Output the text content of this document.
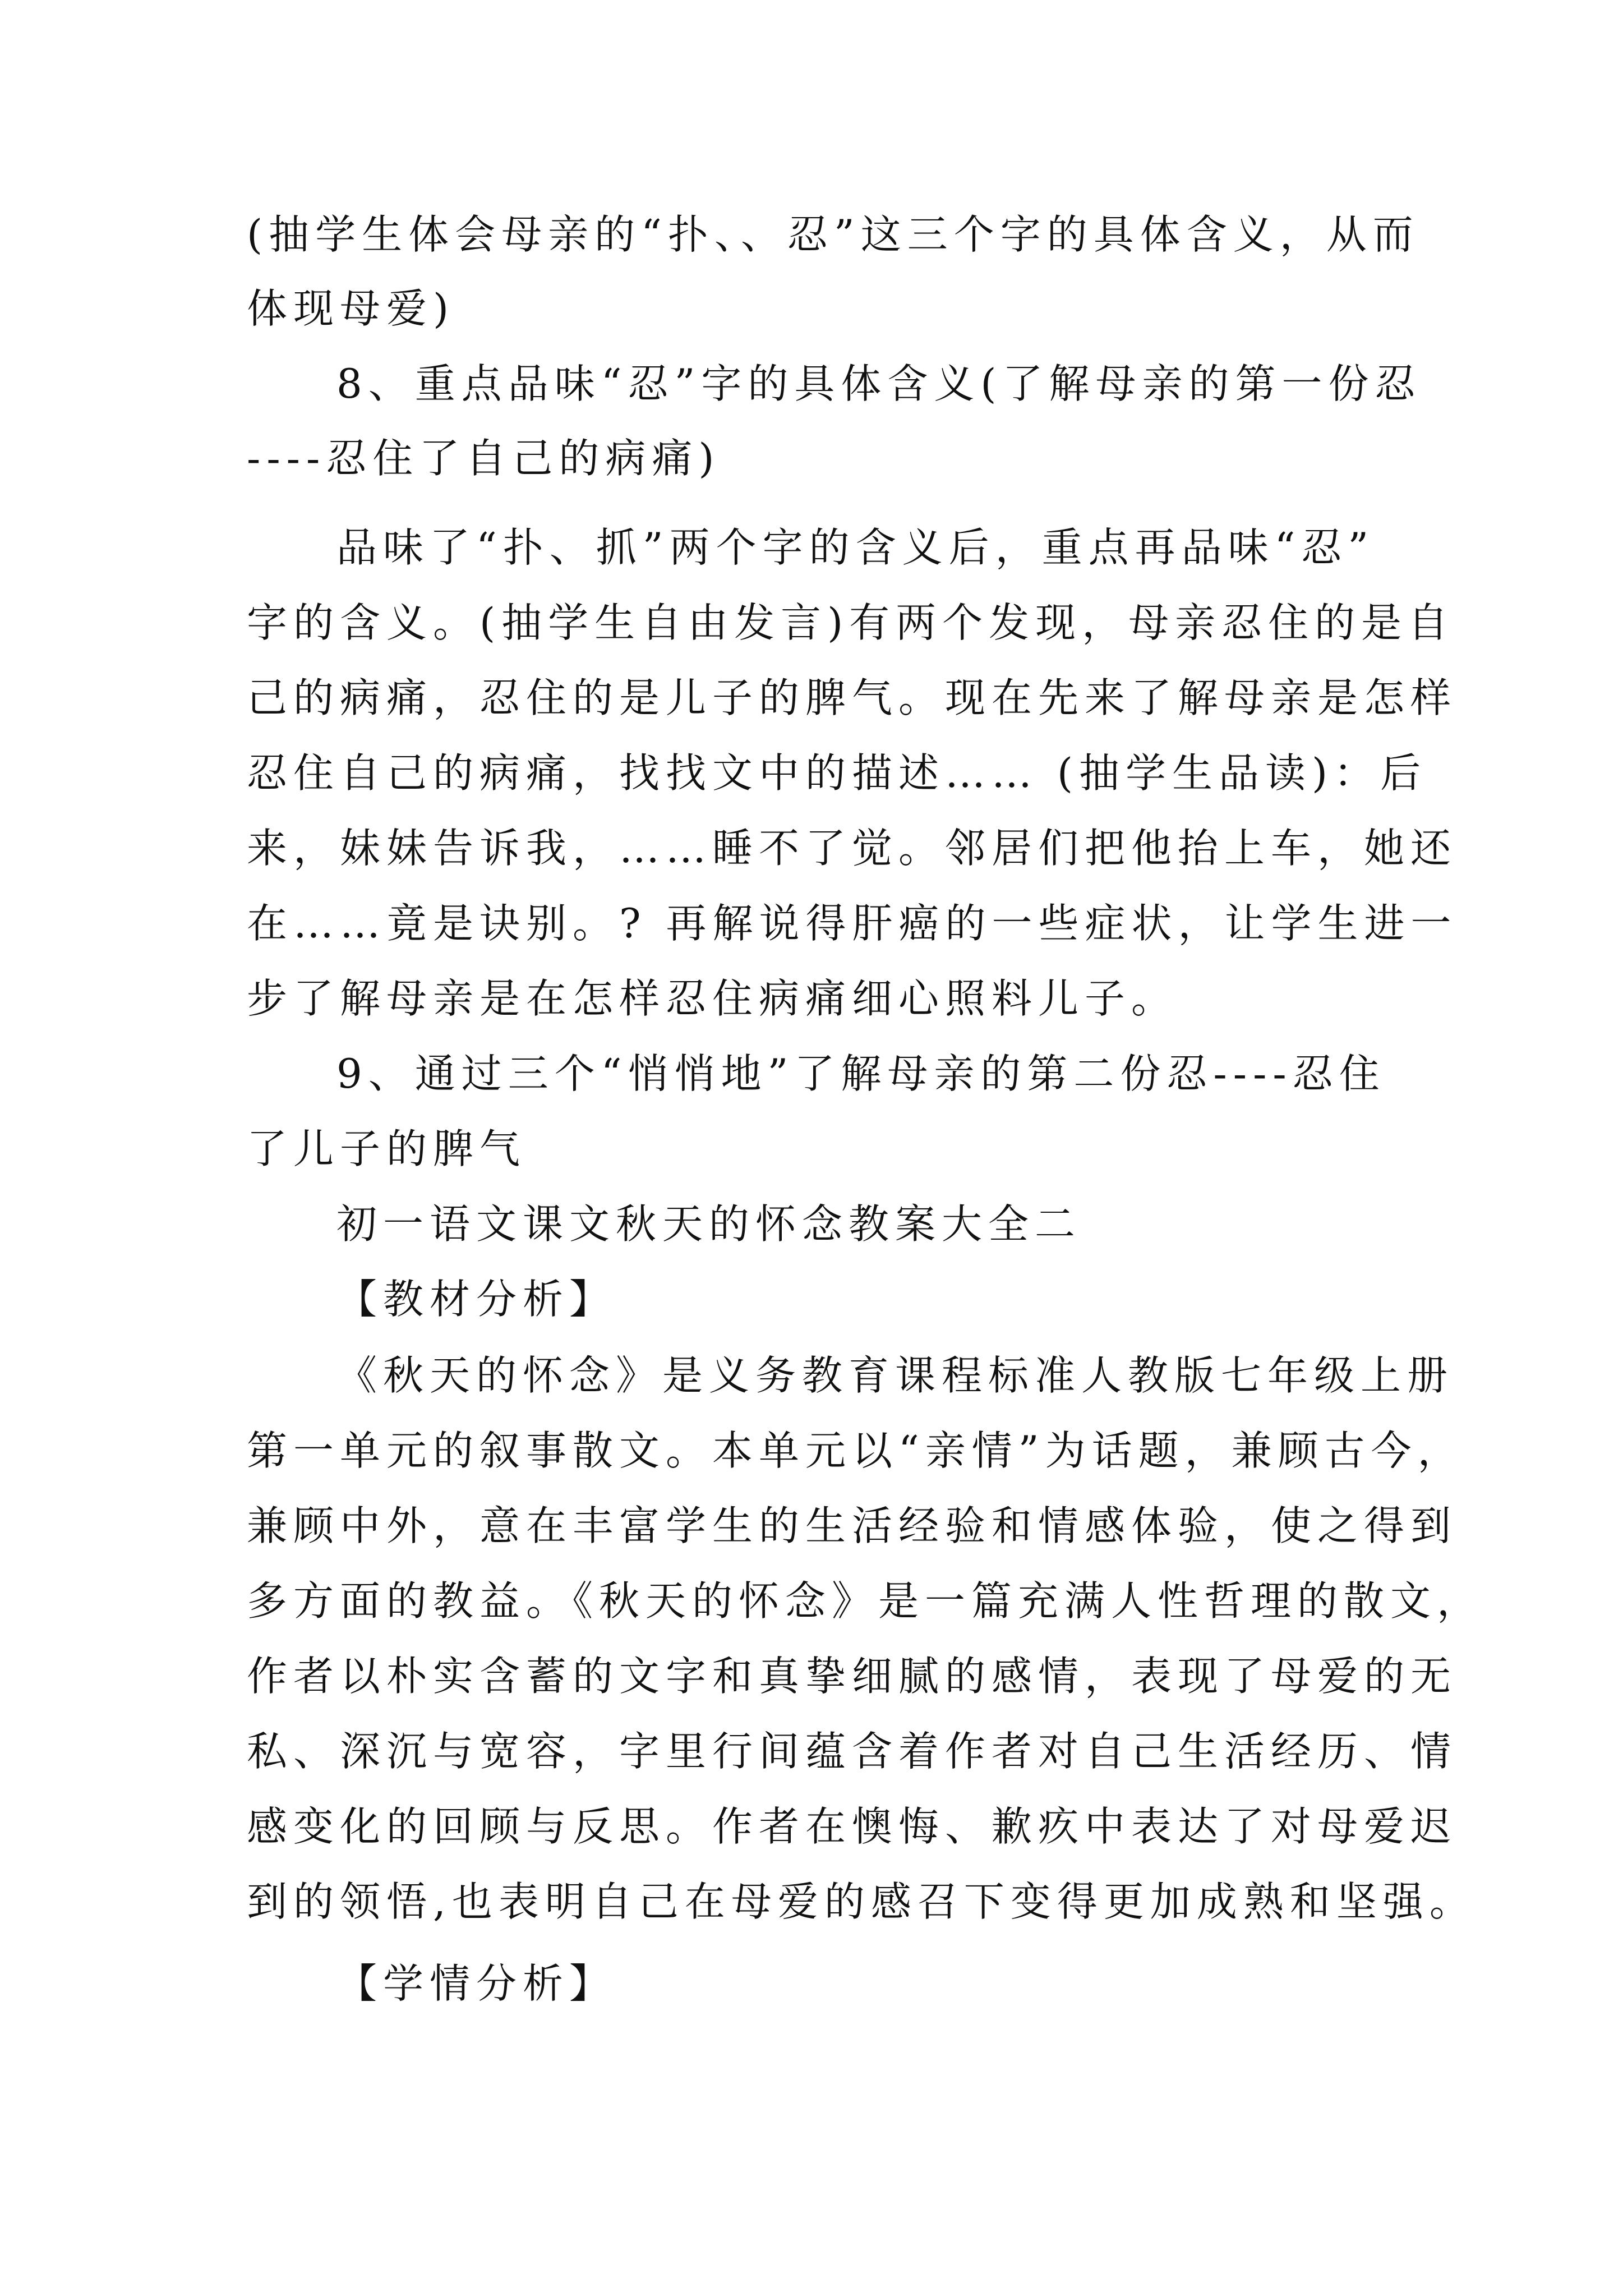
(抽学生体会母亲的“扑、、忍”这三个字的具体含义，从而
体现母爱)
8、重点品味“忍”字的具体含义(了解母亲的第一份忍
----忍住了自己的病痛)
品味了“扑、抓”两个字的含义后，重点再品味“忍”
字的含义。(抽学生自由发言)有两个发现，母亲忍住的是自
己的病痛，忍住的是儿子的脾气。现在先来了解母亲是怎样
忍住自己的病痛，找找文中的描述…… (抽学生品读)：后
来，妹妹告诉我，……睡不了觉。邻居们把他抬上车，她还
在……竟是诀别。? 再解说得肝癌的一些症状，让学生进一
步了解母亲是在怎样忍住病痛细心照料儿子。
9、通过三个“悄悄地”了解母亲的第二份忍----忍住
了儿子的脾气
初一语文课文秋天的怀念教案大全二
【教材分析】
《秋天的怀念》是义务教育课程标准人教版七年级上册
第一单元的叙事散文。本单元以“亲情”为话题，兼顾古今，
兼顾中外，意在丰富学生的生活经验和情感体验，使之得到
多方面的教益。《秋天的怀念》是一篇充满人性哲理的散文，
作者以朴实含蓄的文字和真挚细腻的感情，表现了母爱的无
私、深沉与宽容，字里行间蕴含着作者对自己生活经历、情
感变化的回顾与反思。作者在懊悔、歉疚中表达了对母爱迟
到的领悟,也表明自己在母爱的感召下变得更加成熟和坚强。
【学情分析】
